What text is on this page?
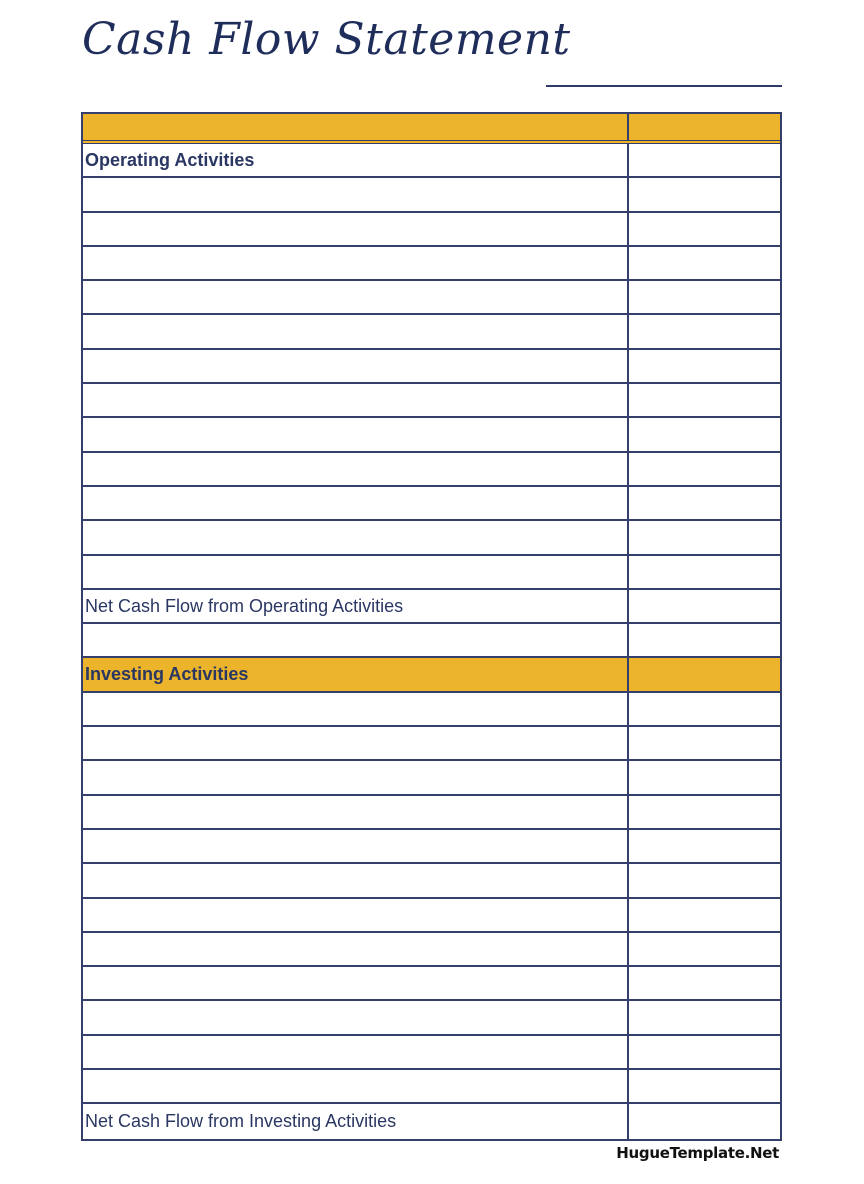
Cash Flow Statement
Operating Activities
Net Cash Flow from Operating Activities
Investing Activities
Net Cash Flow from Investing Activities
HugueTemplate.Net
